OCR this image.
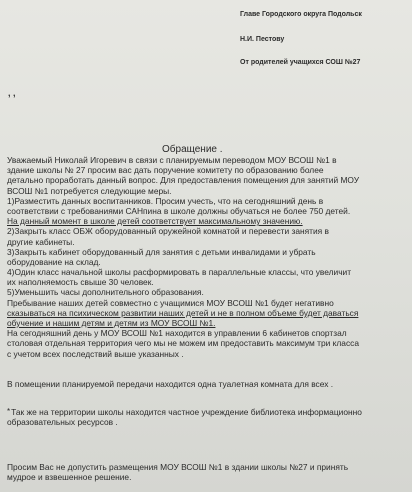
Главе Городского округа Подольск
Н.И. Пестову
От родителей учащихся СОШ №27
, ,
Обращение .
Уважаемый Николай Игоревич в связи с планируемым переводом МОУ ВСОШ №1 в
здание школы № 27 просим вас дать поручение комитету по образованию более
детально проработать данный вопрос. Для предоставления помещения для занятий МОУ
ВСОШ №1 потребуется следующие меры.
1)Разместить данных воспитанников. Просим учесть, что на сегодняшний день в
соответствии с требованиями САНпина в школе должны обучаться не более 750 детей.
На данный момент в школе детей соответствует максимальному значению.
2)Закрыть класс ОБЖ оборудованный оружейной комнатой и перевести занятия в
другие кабинеты.
3)Закрыть кабинет оборудованный для занятия с детьми инвалидами и убрать
оборудование на склад.
4)Один класс начальной школы расформировать в параллельные классы, что увеличит
их наполняемость свыше 30 человек.
5)Уменьшить часы дополнительного образования.
Пребывание наших детей совместно с учащимися МОУ ВСОШ №1 будет негативно
сказываться на психическом развитии наших детей и не в полном объеме будет даваться
обучение и нашим детям и детям из МОУ ВСОШ №1.
На сегодняшний день у МОУ ВСОШ №1 находится в управлении 6 кабинетов спортзал
столовая отдельная территория чего мы не можем им предоставить максимум три класса
с учетом всех последствий выше указанных .
В помещении планируемой передачи находится одна туалетная комната для всех .
*Так же на территории школы находится частное учреждение библиотека информационно
образовательных ресурсов .
Просим Вас не допустить размещения МОУ ВСОШ №1 в здании школы №27 и принять
мудрое и взвешенное решение.
